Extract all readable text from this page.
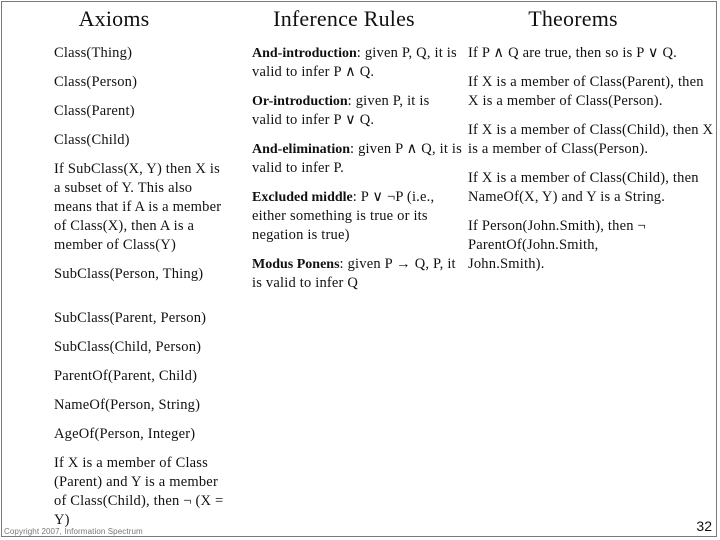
Axioms
Class(Thing)
Class(Person)
Class(Parent)
Class(Child)
If SubClass(X, Y) then X is a subset of Y. This also means that if A is a member of Class(X), then A is a member of Class(Y)
SubClass(Person, Thing)
SubClass(Parent, Person)
SubClass(Child, Person)
ParentOf(Parent, Child)
NameOf(Person, String)
AgeOf(Person, Integer)
If X is a member of Class (Parent) and Y is a member of Class(Child), then ¬ (X = Y)
Inference Rules
And-introduction: given P, Q, it is valid to infer P ∧ Q.
Or-introduction: given P, it is valid to infer P ∨ Q.
And-elimination: given P ∧ Q, it is valid to infer P.
Excluded middle: P ∨ ¬P (i.e., either something is true or its negation is true)
Modus Ponens: given P → Q, P, it is valid to infer Q
Theorems
If P ∧ Q are true, then so is P ∨ Q.
If X is a member of Class(Parent), then X is a member of Class(Person).
If X is a member of Class(Child), then X is a member of Class(Person).
If X is a member of Class(Child), then NameOf(X, Y) and Y is a String.
If Person(John.Smith), then ¬ ParentOf(John.Smith, John.Smith).
Copyright 2007, Information Spectrum	32
